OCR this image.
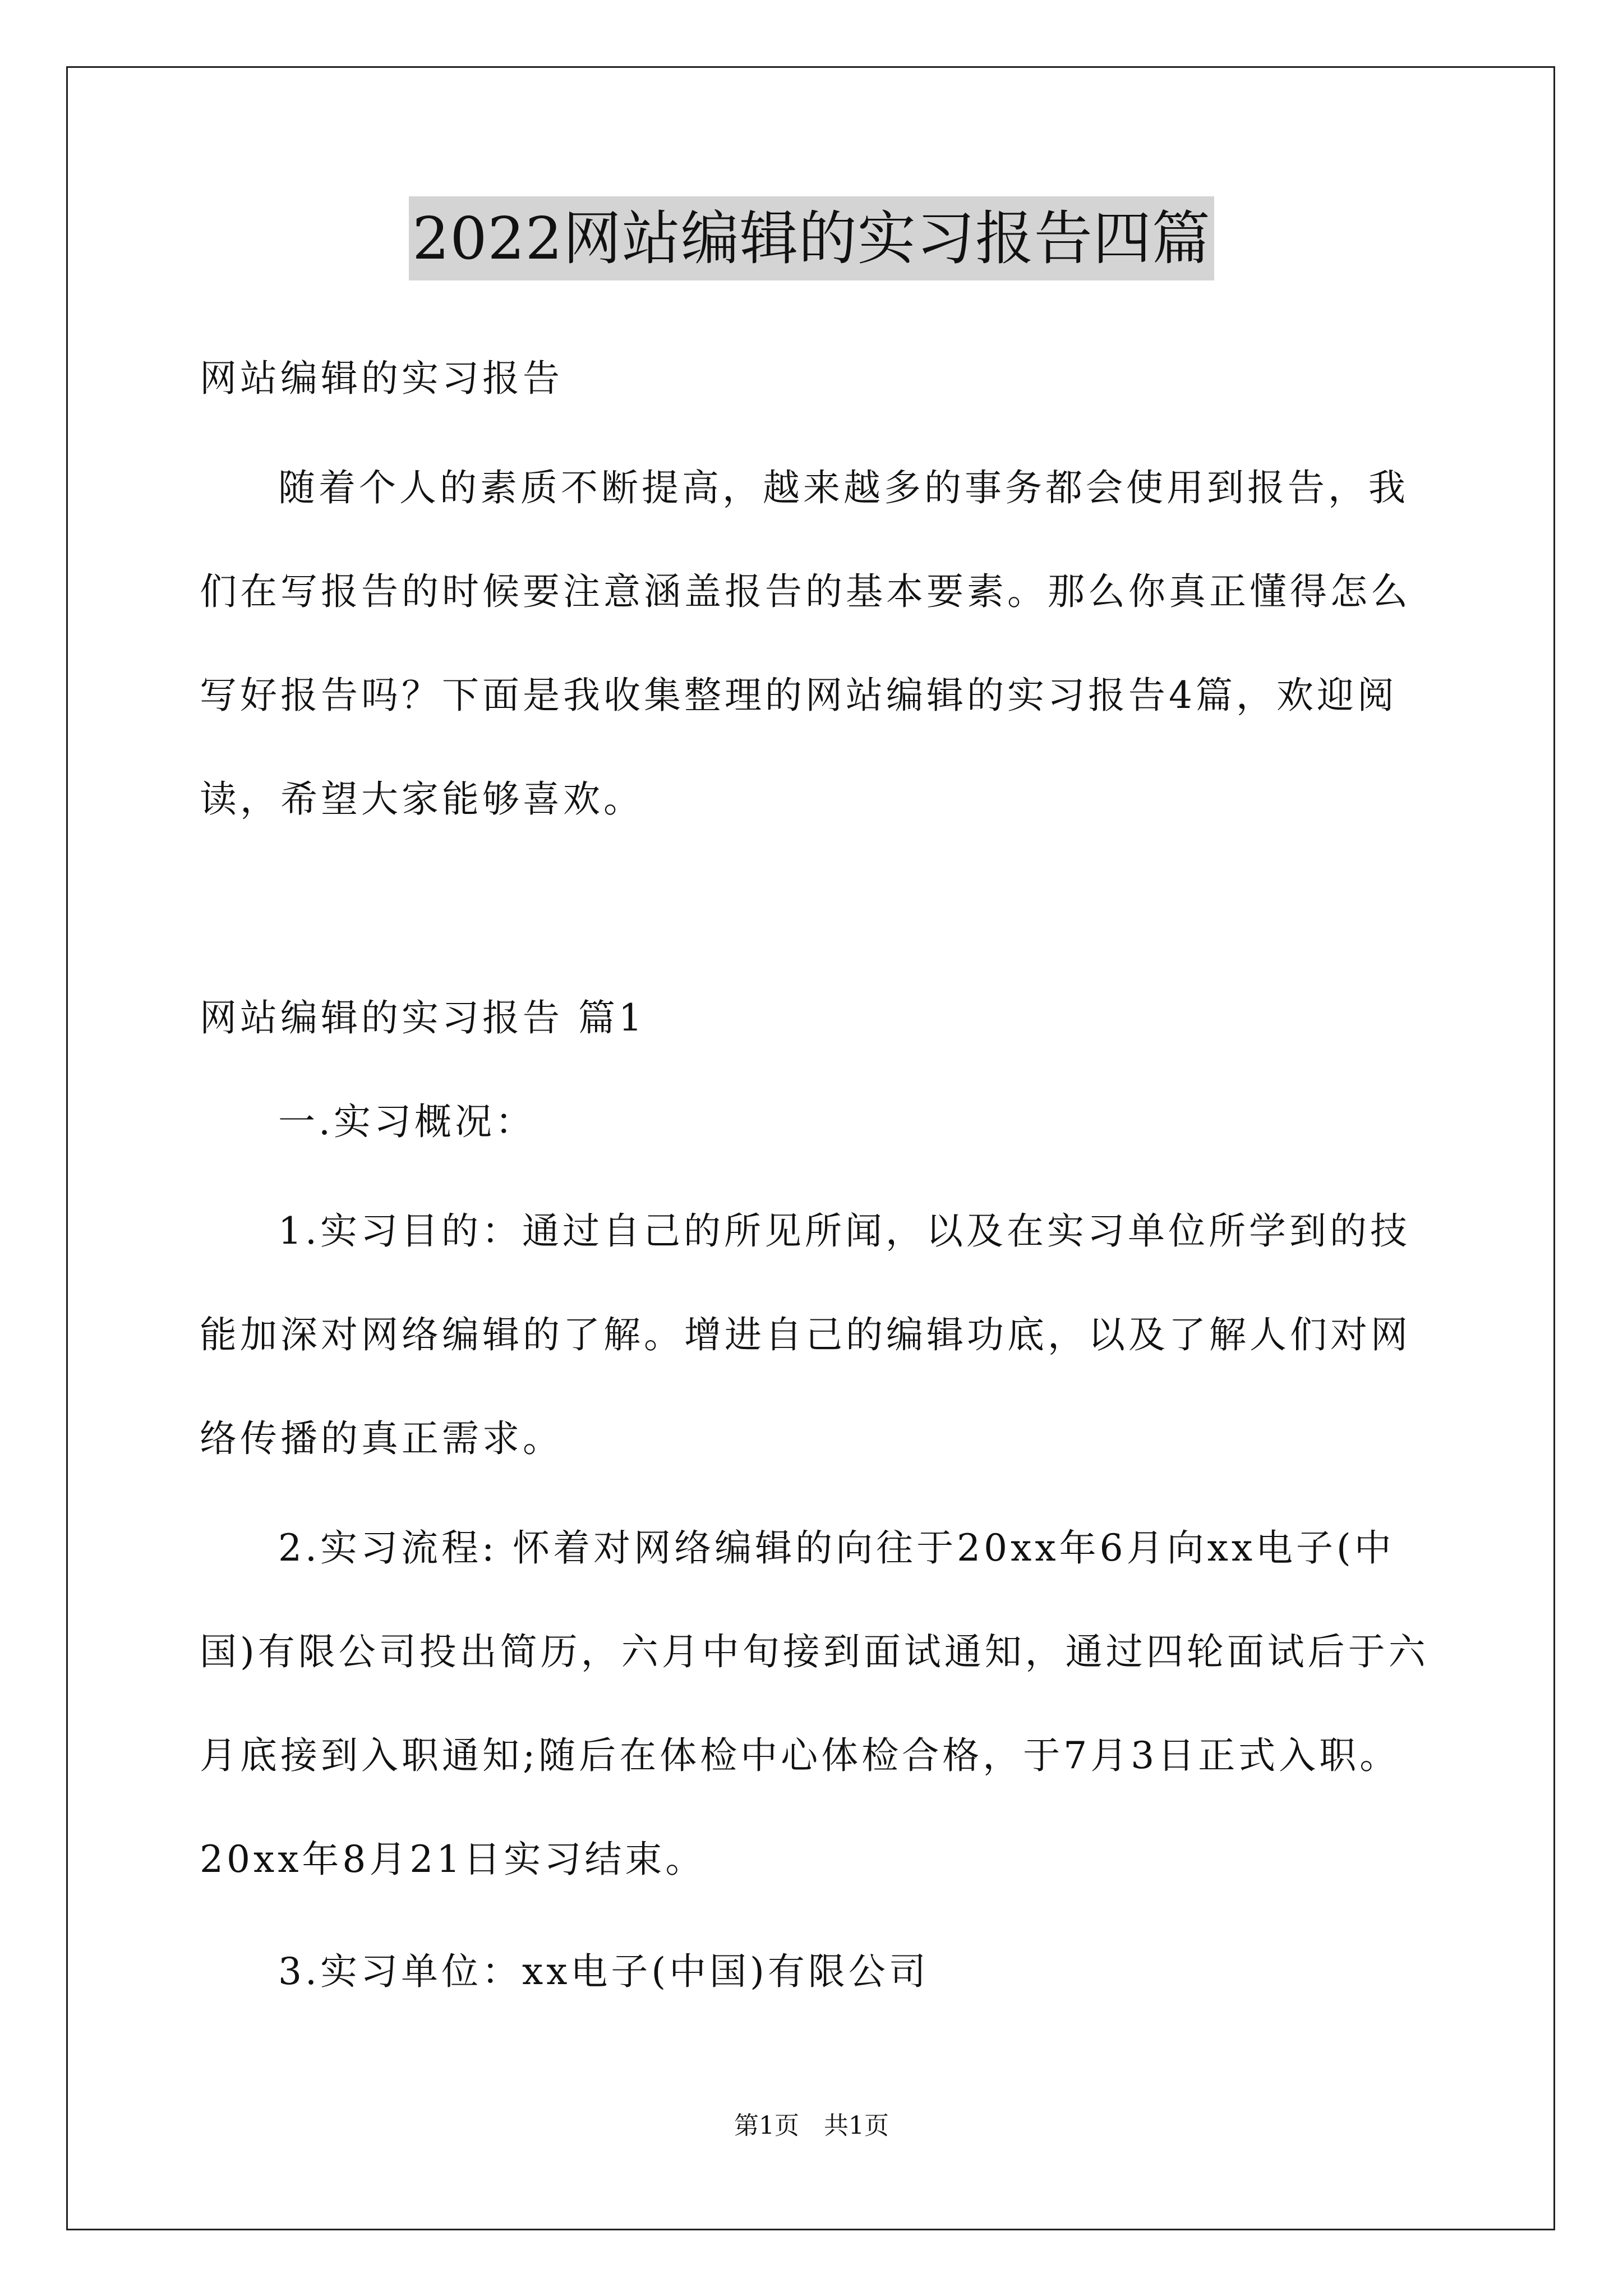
2022网站编辑的实习报告四篇
网站编辑的实习报告
随着个人的素质不断提高，越来越多的事务都会使用到报告，我
们在写报告的时候要注意涵盖报告的基本要素。那么你真正懂得怎么
写好报告吗？下面是我收集整理的网站编辑的实习报告4篇，欢迎阅
读，希望大家能够喜欢。
网站编辑的实习报告 篇1
一.实习概况：
1.实习目的：通过自己的所见所闻，以及在实习单位所学到的技
能加深对网络编辑的了解。增进自己的编辑功底，以及了解人们对网
络传播的真正需求。
2.实习流程: 怀着对网络编辑的向往于20xx年6月向xx电子(中
国)有限公司投出简历，六月中旬接到面试通知，通过四轮面试后于六
月底接到入职通知;随后在体检中心体检合格，于7月3日正式入职。
20xx年8月21日实习结束。
3.实习单位：xx电子(中国)有限公司
第1页　共1页
